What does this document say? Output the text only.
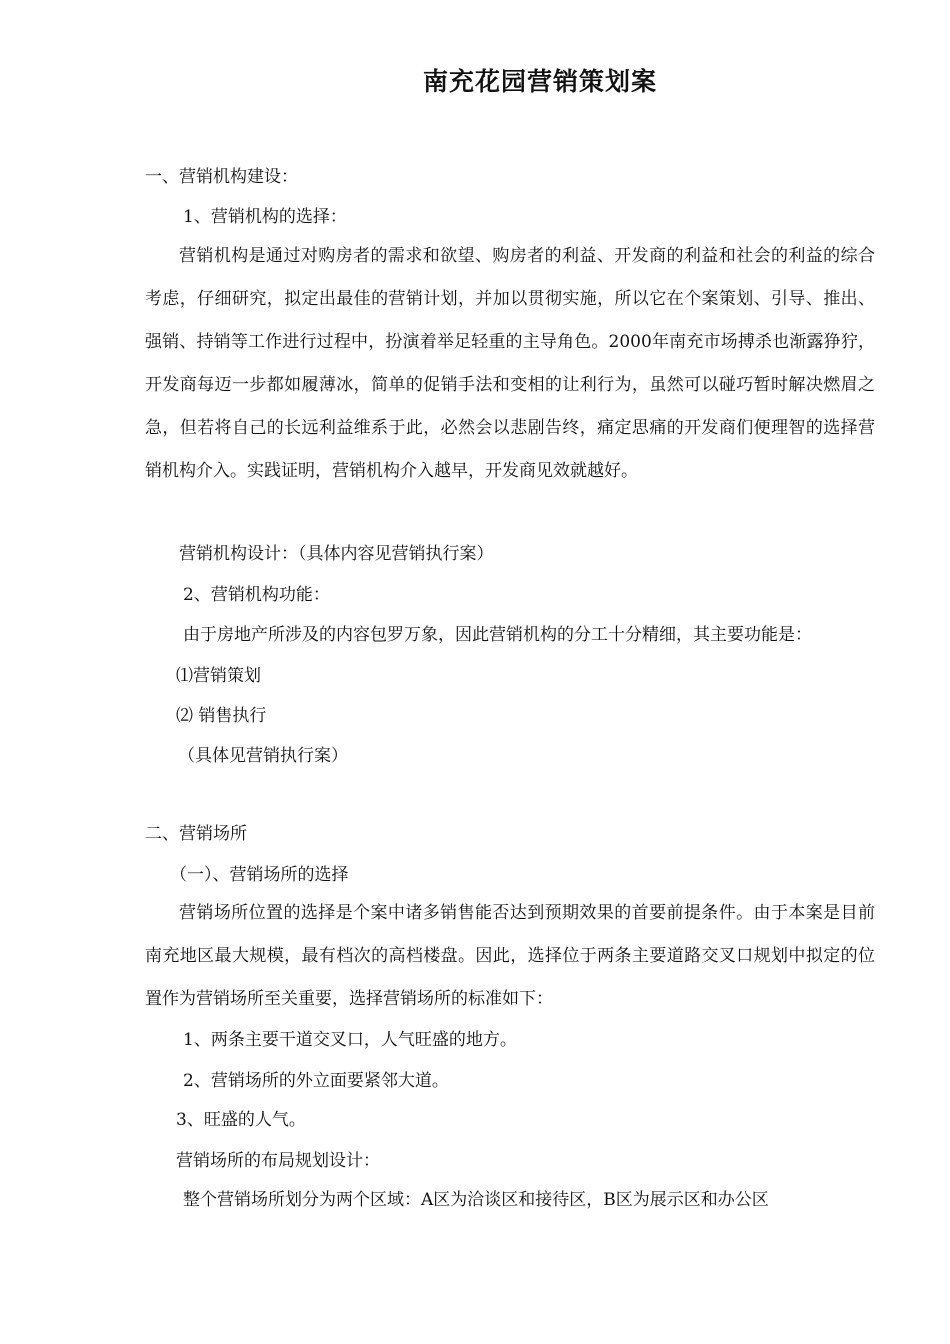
南充花园营销策划案

一、营销机构建设：

1、营销机构的选择：

营销机构是通过对购房者的需求和欲望、购房者的利益、开发商的利益和社会的利益的综合考虑，仔细研究，拟定出最佳的营销计划，并加以贯彻实施，所以它在个案策划、引导、推出、强销、持销等工作进行过程中，扮演着举足轻重的主导角色。2000年南充市场搏杀也渐露狰狞，开发商每迈一步都如履薄冰，简单的促销手法和变相的让利行为，虽然可以碰巧暂时解决燃眉之急，但若将自己的长远利益维系于此，必然会以悲剧告终，痛定思痛的开发商们便理智的选择营销机构介入。实践证明，营销机构介入越早，开发商见效就越好。

营销机构设计：（具体内容见营销执行案）

2、营销机构功能：

由于房地产所涉及的内容包罗万象，因此营销机构的分工十分精细，其主要功能是：

⑴营销策划

⑵ 销售执行

（具体见营销执行案）

二、营销场所

（一）、营销场所的选择

营销场所位置的选择是个案中诸多销售能否达到预期效果的首要前提条件。由于本案是目前南充地区最大规模，最有档次的高档楼盘。因此，选择位于两条主要道路交叉口规划中拟定的位置作为营销场所至关重要，选择营销场所的标准如下：

1、两条主要干道交叉口，人气旺盛的地方。

2、营销场所的外立面要紧邻大道。

3、旺盛的人气。

营销场所的布局规划设计：

整个营销场所划分为两个区域：A区为洽谈区和接待区，B区为展示区和办公区
